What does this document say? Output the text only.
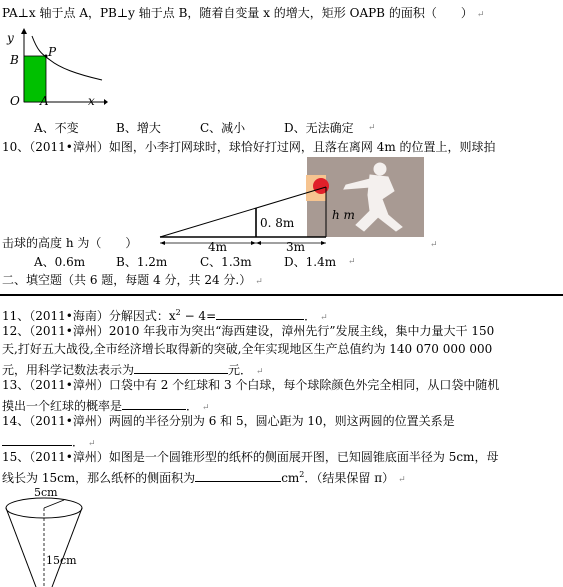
PA⊥x 轴于点 A，PB⊥y 轴于点 B，随着自变量 x 的增大，矩形 OAPB 的面积（　　） ↵
y
P
B
O A	x
A、不变	B、增大	C、减小	D、无法确定 ↵
10、（2011•漳州）如图，小李打网球时，球恰好打过网，且落在离网 4m 的位置上，则球拍
0. 8m
4m	3m
h m
击球的高度 h 为（　　）	↵
A、0.6m	B、1.2m	C、1.3m	D、1.4m ↵
二、填空题（共 6 题，每题 4 分，共 24 分.） ↵
11、（2011•海南）分解因式：$x^2 - 4=$	． ↵
12、（2011•漳州）2010 年我市为突出“海西建设，漳州先行”发展主线，集中力量大干 150
天,打好五大战役,全市经济增长取得新的突破,全年实现地区生产总值约为 140 070 000 000
元，用科学记数法表示为	元． ↵
13、（2011•漳州）口袋中有 2 个红球和 3 个白球，每个球除颜色外完全相同，从口袋中随机
摸出一个红球的概率是	． ↵
14、（2011•漳州）两圆的半径分别为 6 和 5，圆心距为 10，则这两圆的位置关系是
． ↵
15、（2011•漳州）如图是一个圆锥形型的纸杯的侧面展开图，已知圆锥底面半径为 5cm，母
线长为 15cm，那么纸杯的侧面积为	$cm^2$．（结果保留 π） ↵
5cm
15cm
